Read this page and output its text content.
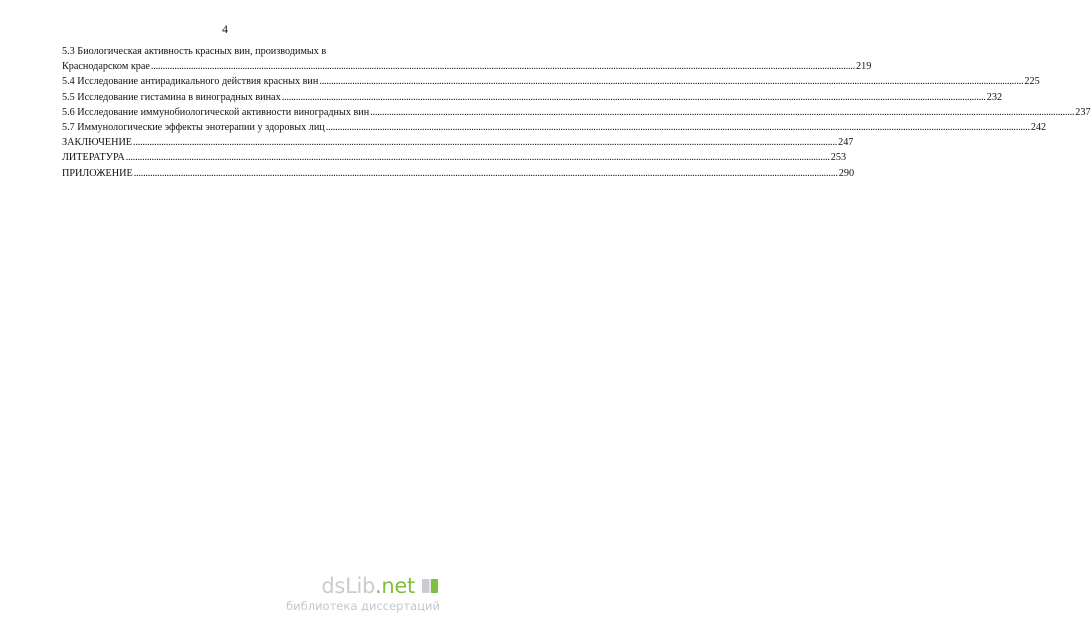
4
5.3 Биологическая активность красных вин, производимых в
Краснодарском крае ............................................................................................................................................................................................................................................................................................................ 219
5.4 Исследование антирадикального действия красных вин ............................................................................................................................................................................................................................................................................................................ 225
5.5 Исследование гистамина в виноградных винах ............................................................................................................................................................................................................................................................................................................ 232
5.6 Исследование иммунобиологической активности виноградных вин ............................................................................................................................................................................................................................................................................................................ 237
5.7 Иммунологические эффекты энотерапии у здоровых лиц ............................................................................................................................................................................................................................................................................................................ 242
ЗАКЛЮЧЕНИЕ ............................................................................................................................................................................................................................................................................................................ 247
ЛИТЕРАТУРА ............................................................................................................................................................................................................................................................................................................ 253
ПРИЛОЖЕНИЕ ............................................................................................................................................................................................................................................................................................................ 290
dsLib.net
библиотека диссертаций
